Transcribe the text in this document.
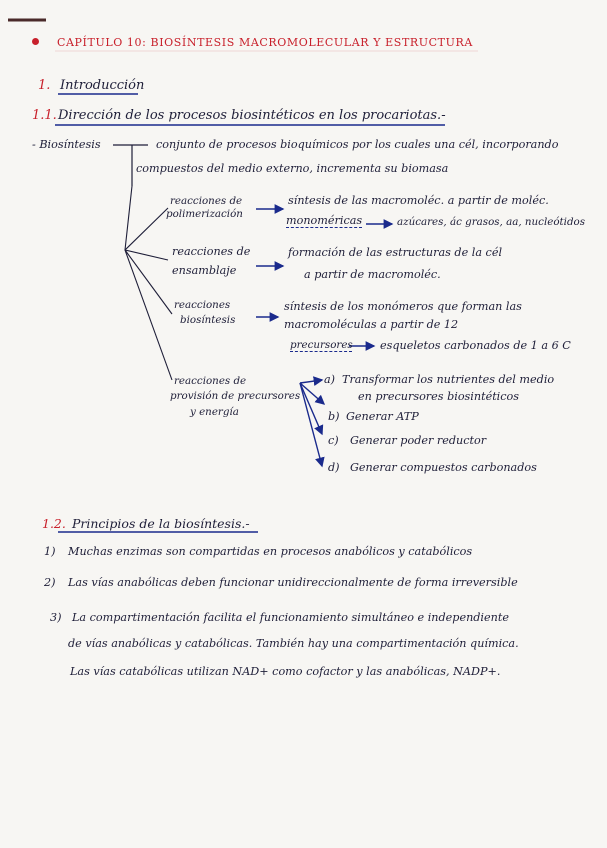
CAPÍTULO 10: BIOSÍNTESIS MACROMOLECULAR Y ESTRUCTURA
1. Introducción
1.1. Dirección de los procesos biosintéticos en los procariotas.-
- Biosíntesis	conjunto de procesos bioquímicos por los cuales una cél, incorporando
compuestos del medio externo, incrementa su biomasa
reacciones de
polimerización
síntesis de las macromoléc. a partir de moléc.
monoméricas	azúcares, ác grasos, aa, nucleótidos
reacciones de
ensamblaje
formación de las estructuras de la cél
a partir de macromoléc.
reacciones
biosíntesis
síntesis de los monómeros que forman las
macromoléculas a partir de 12
precursores esqueletos carbonados de 1 a 6 C
reacciones de
provisión de precursores
y energía
a) Transformar los nutrientes del medio
en precursores biosintéticos
b) Generar ATP
c) Generar poder reductor
d) Generar compuestos carbonados
1.2. Principios de la biosíntesis.-
1) Muchas enzimas son compartidas en procesos anabólicos y catabólicos
2) Las vías anabólicas deben funcionar unidireccionalmente de forma irreversible
3) La compartimentación facilita el funcionamiento simultáneo e independiente
de vías anabólicas y catabólicas. También hay una compartimentación química.
Las vías catabólicas utilizan NAD+ como cofactor y las anabólicas, NADP+.
